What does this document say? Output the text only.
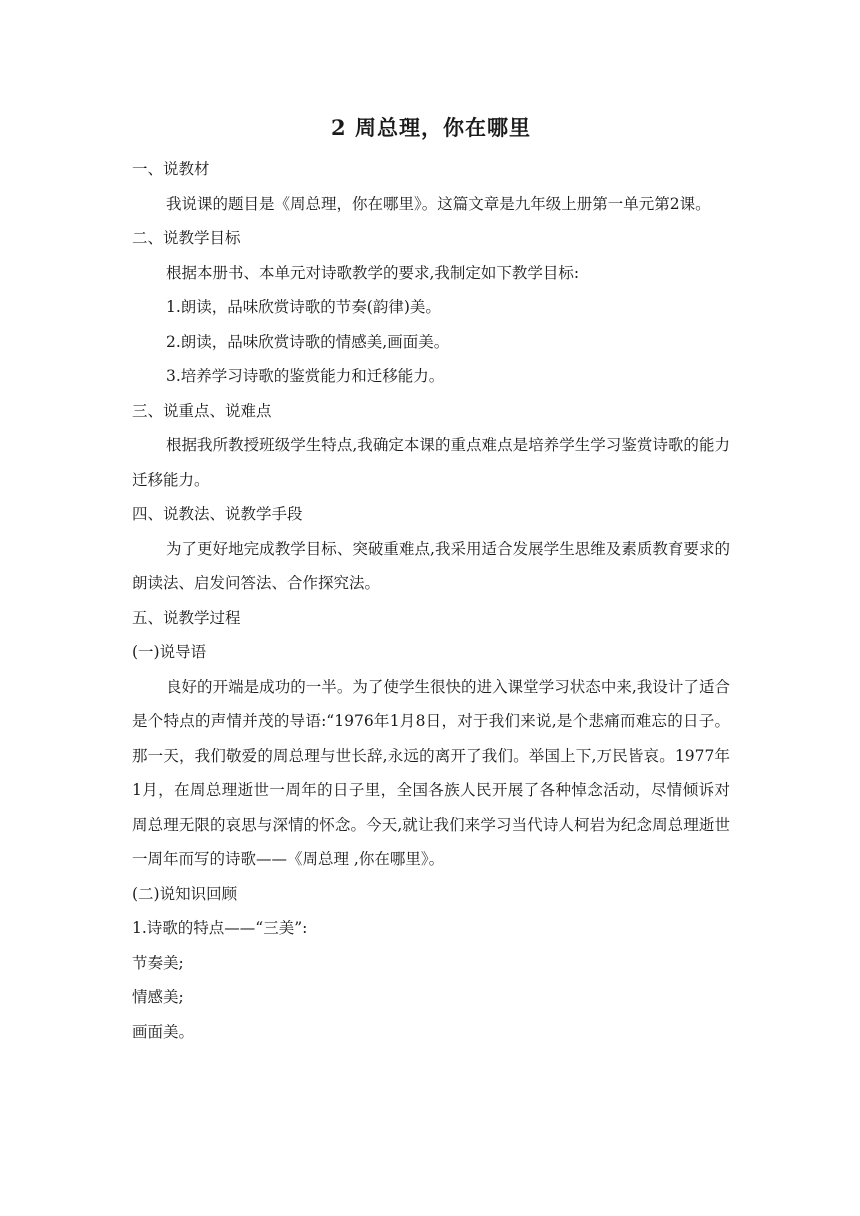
2 周总理，你在哪里

一、说教材

我说课的题目是《周总理，你在哪里》。这篇文章是九年级上册第一单元第2课。

二、说教学目标

根据本册书、本单元对诗歌教学的要求,我制定如下教学目标:

1.朗读，品味欣赏诗歌的节奏(韵律)美。

2.朗读，品味欣赏诗歌的情感美,画面美。

3.培养学习诗歌的鉴赏能力和迁移能力。

三、说重点、说难点

根据我所教授班级学生特点,我确定本课的重点难点是培养学生学习鉴赏诗歌的能力迁移能力。

四、说教法、说教学手段

为了更好地完成教学目标、突破重难点,我采用适合发展学生思维及素质教育要求的朗读法、启发问答法、合作探究法。

五、说教学过程

(一)说导语

良好的开端是成功的一半。为了使学生很快的进入课堂学习状态中来,我设计了适合是个特点的声情并茂的导语:“1976年1月8日，对于我们来说,是个悲痛而难忘的日子。那一天，我们敬爱的周总理与世长辞,永远的离开了我们。举国上下,万民皆哀。1977年1月，在周总理逝世一周年的日子里，全国各族人民开展了各种悼念活动，尽情倾诉对周总理无限的哀思与深情的怀念。今天,就让我们来学习当代诗人柯岩为纪念周总理逝世一周年而写的诗歌——《周总理 ,你在哪里》。

(二)说知识回顾

1.诗歌的特点——“三美”:

节奏美;

情感美;

画面美。
